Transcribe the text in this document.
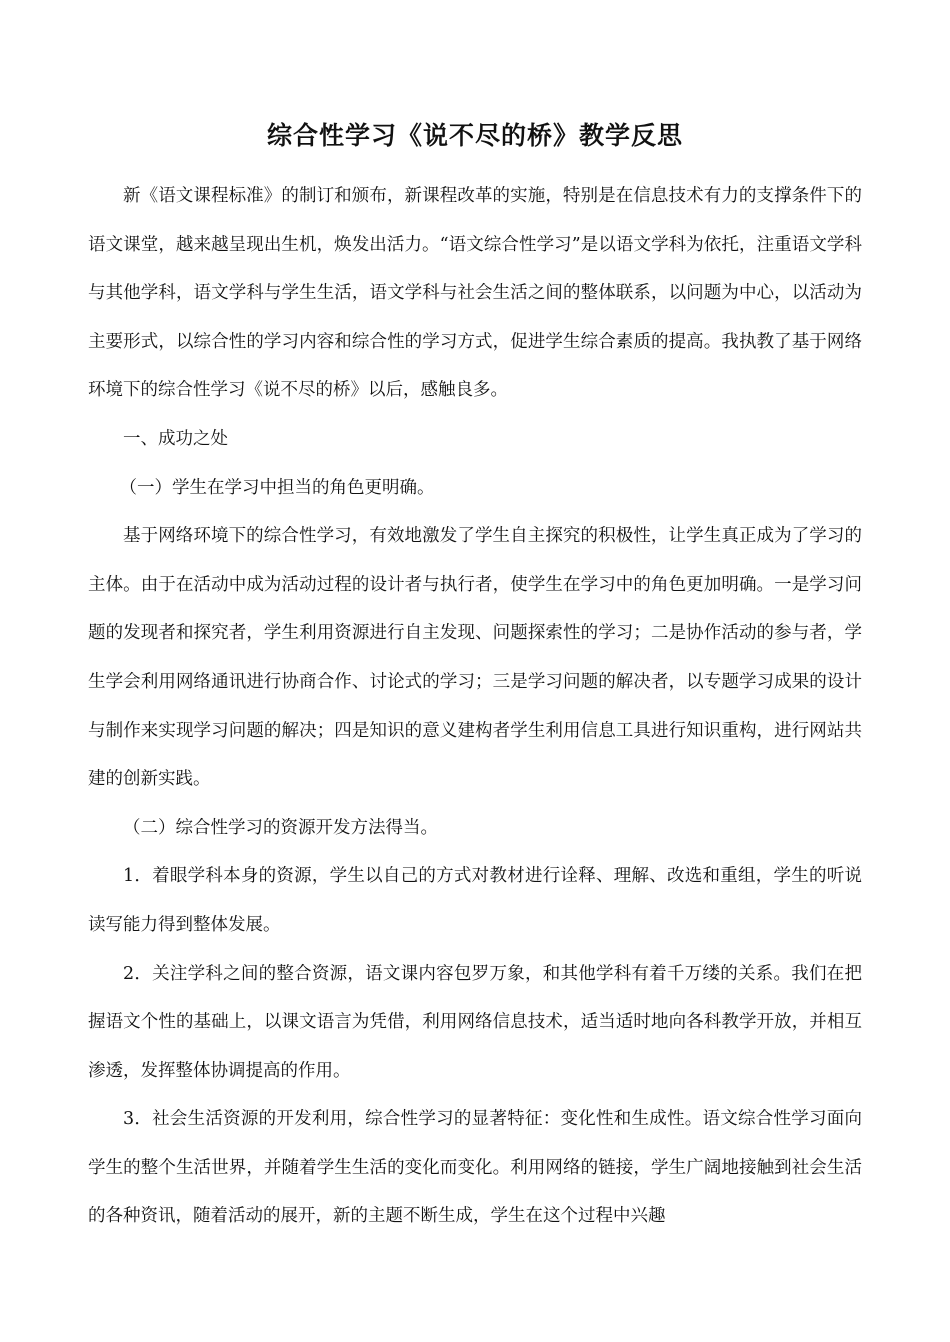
综合性学习《说不尽的桥》教学反思

新《语文课程标准》的制订和颁布，新课程改革的实施，特别是在信息技术有力的支撑条件下的语文课堂，越来越呈现出生机，焕发出活力。“语文综合性学习”是以语文学科为依托，注重语文学科与其他学科，语文学科与学生生活，语文学科与社会生活之间的整体联系，以问题为中心，以活动为主要形式，以综合性的学习内容和综合性的学习方式，促进学生综合素质的提高。我执教了基于网络环境下的综合性学习《说不尽的桥》以后，感触良多。

一、成功之处

（一）学生在学习中担当的角色更明确。

基于网络环境下的综合性学习，有效地激发了学生自主探究的积极性，让学生真正成为了学习的主体。由于在活动中成为活动过程的设计者与执行者，使学生在学习中的角色更加明确。一是学习问题的发现者和探究者，学生利用资源进行自主发现、问题探索性的学习；二是协作活动的参与者，学生学会利用网络通讯进行协商合作、讨论式的学习；三是学习问题的解决者，以专题学习成果的设计与制作来实现学习问题的解决；四是知识的意义建构者学生利用信息工具进行知识重构，进行网站共建的创新实践。

（二）综合性学习的资源开发方法得当。

1．着眼学科本身的资源，学生以自己的方式对教材进行诠释、理解、改选和重组，学生的听说读写能力得到整体发展。

2．关注学科之间的整合资源，语文课内容包罗万象，和其他学科有着千万缕的关系。我们在把握语文个性的基础上，以课文语言为凭借，利用网络信息技术，适当适时地向各科教学开放，并相互渗透，发挥整体协调提高的作用。

3．社会生活资源的开发利用，综合性学习的显著特征：变化性和生成性。语文综合性学习面向学生的整个生活世界，并随着学生生活的变化而变化。利用网络的链接，学生广阔地接触到社会生活的各种资讯，随着活动的展开，新的主题不断生成，学生在这个过程中兴趣
